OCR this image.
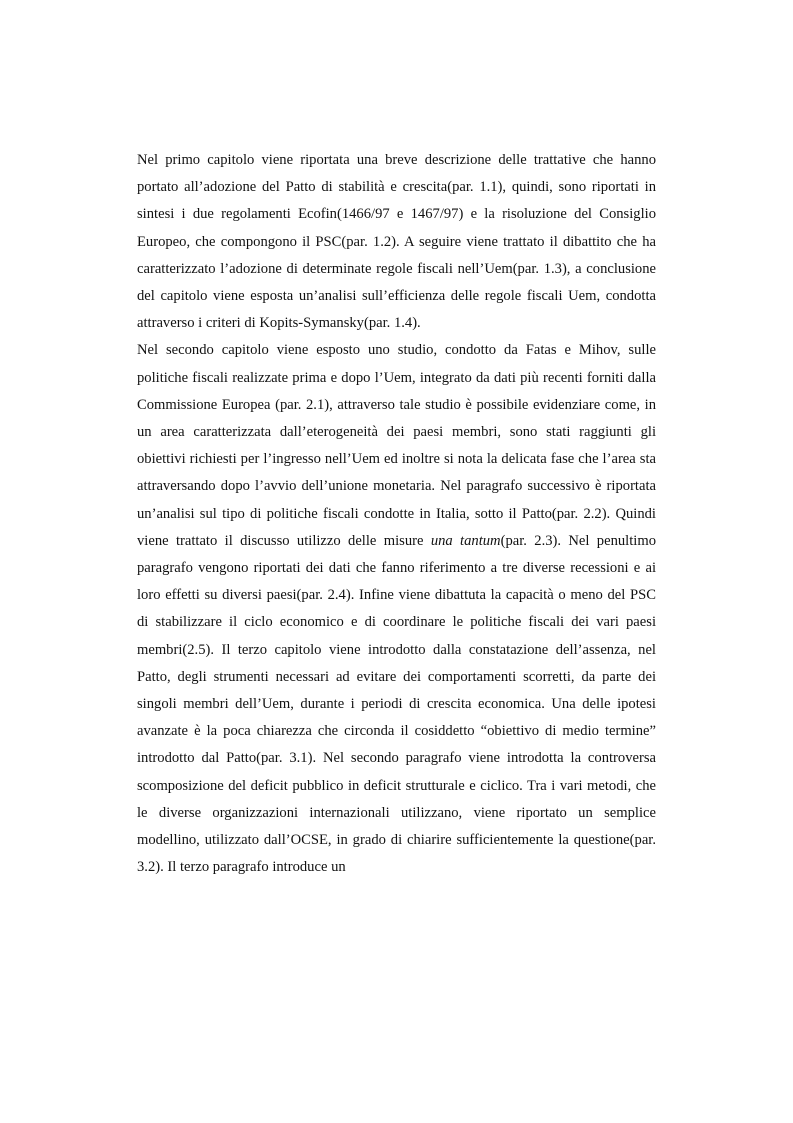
Nel primo capitolo viene riportata una breve descrizione delle trattative che hanno portato all’adozione del Patto di stabilità e crescita(par. 1.1), quindi, sono riportati in sintesi i due regolamenti Ecofin(1466/97 e 1467/97) e la risoluzione del Consiglio Europeo, che compongono il PSC(par. 1.2). A seguire viene trattato il dibattito che ha caratterizzato l’adozione di determinate regole fiscali nell’Uem(par. 1.3), a conclusione del capitolo viene esposta un’analisi sull’efficienza delle regole fiscali Uem, condotta attraverso i criteri di Kopits-Symansky(par. 1.4).

Nel secondo capitolo viene esposto uno studio, condotto da Fatas e Mihov, sulle politiche fiscali realizzate prima e dopo l’Uem, integrato da dati più recenti forniti dalla Commissione Europea (par. 2.1), attraverso tale studio è possibile evidenziare come, in un area caratterizzata dall’eterogeneità dei paesi membri, sono stati raggiunti gli obiettivi richiesti per l’ingresso nell’Uem ed inoltre si nota la delicata fase che l’area sta attraversando dopo l’avvio dell’unione monetaria. Nel paragrafo successivo è riportata un’analisi sul tipo di politiche fiscali condotte in Italia, sotto il Patto(par. 2.2). Quindi viene trattato il discusso utilizzo delle misure una tantum(par. 2.3). Nel penultimo paragrafo vengono riportati dei dati che fanno riferimento a tre diverse recessioni e ai loro effetti su diversi paesi(par. 2.4). Infine viene dibattuta la capacità o meno del PSC di stabilizzare il ciclo economico e di coordinare le politiche fiscali dei vari paesi membri(2.5). Il terzo capitolo viene introdotto dalla constatazione dell’assenza, nel Patto, degli strumenti necessari ad evitare dei comportamenti scorretti, da parte dei singoli membri dell’Uem, durante i periodi di crescita economica. Una delle ipotesi avanzate è la poca chiarezza che circonda il cosiddetto “obiettivo di medio termine” introdotto dal Patto(par. 3.1). Nel secondo paragrafo viene introdotta la controversa scomposizione del deficit pubblico in deficit strutturale e ciclico. Tra i vari metodi, che le diverse organizzazioni internazionali utilizzano, viene riportato un semplice modellino, utilizzato dall’OCSE, in grado di chiarire sufficientemente la questione(par. 3.2). Il terzo paragrafo introduce un
